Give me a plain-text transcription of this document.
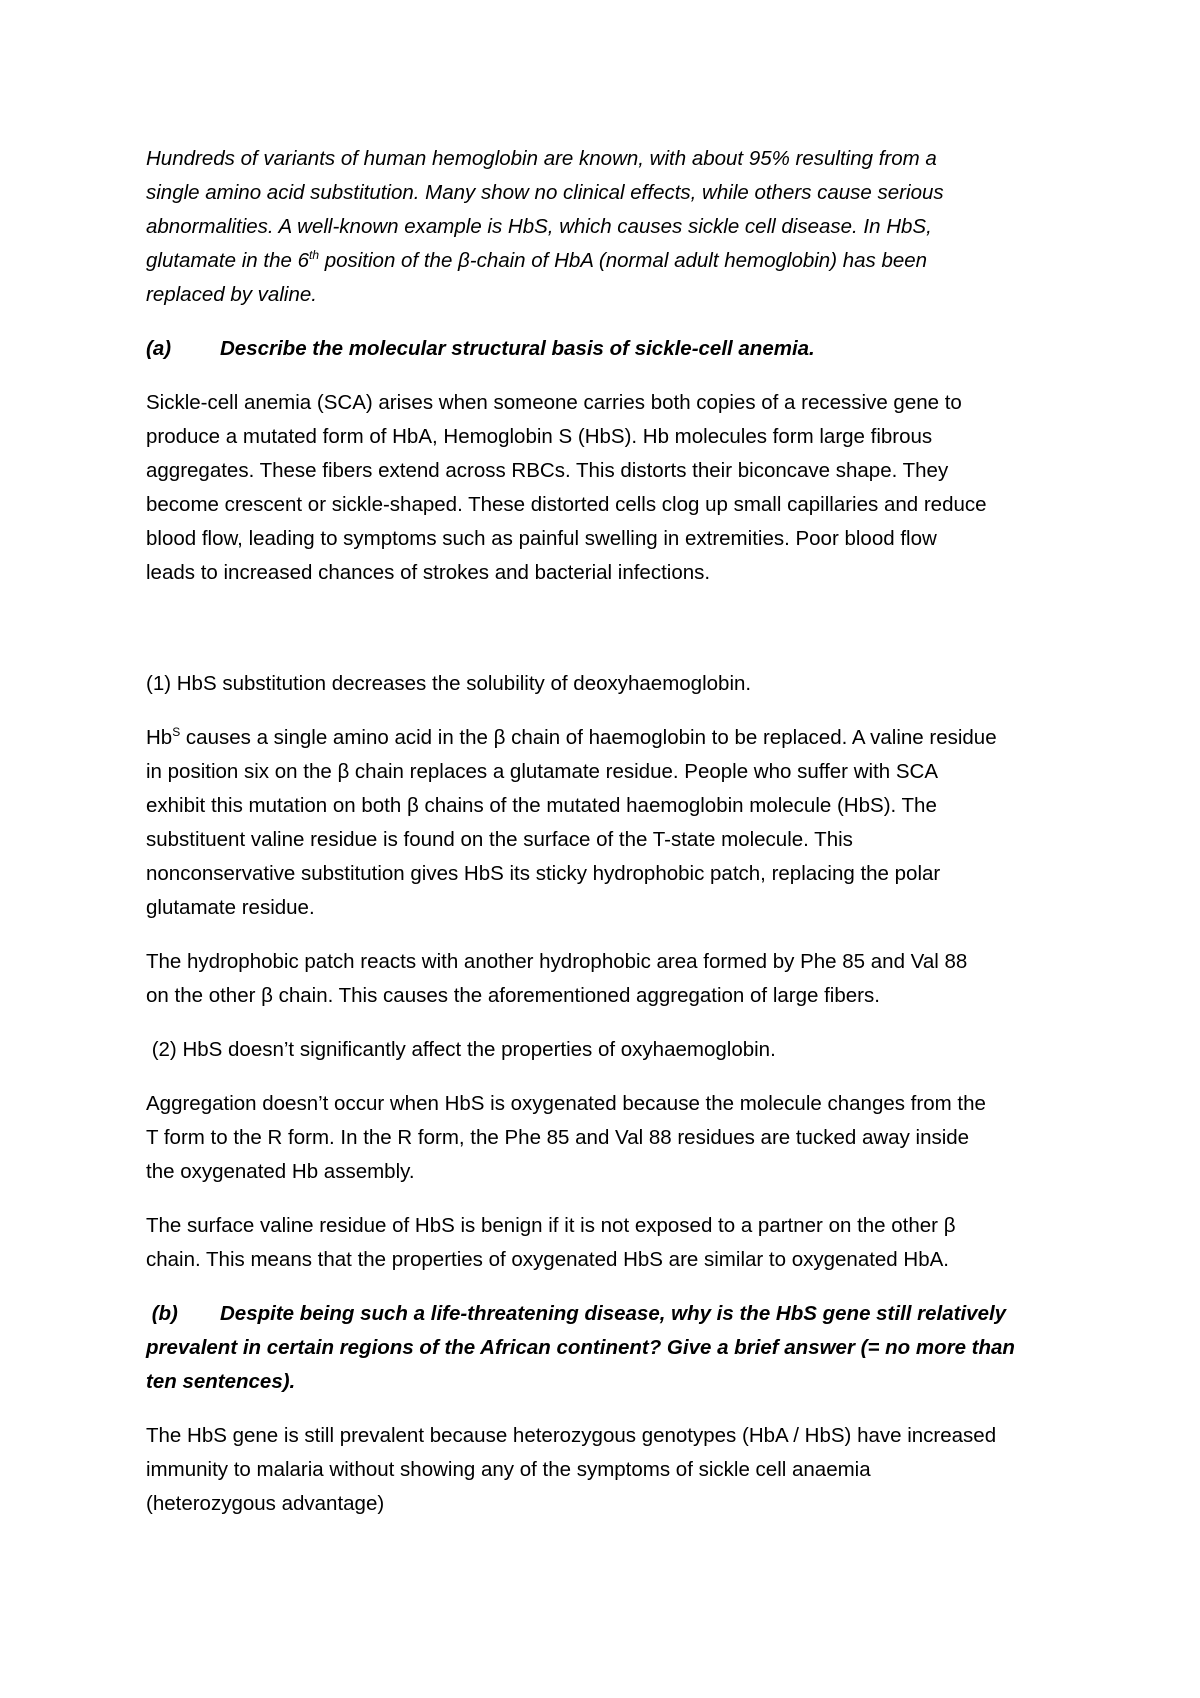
Hundreds of variants of human hemoglobin are known, with about 95% resulting from a
single amino acid substitution. Many show no clinical effects, while others cause serious
abnormalities. A well-known example is HbS, which causes sickle cell disease. In HbS,
glutamate in the 6th position of the β-chain of HbA (normal adult hemoglobin) has been
replaced by valine.

(a) Describe the molecular structural basis of sickle-cell anemia.

Sickle-cell anemia (SCA) arises when someone carries both copies of a recessive gene to
produce a mutated form of HbA, Hemoglobin S (HbS). Hb molecules form large fibrous
aggregates. These fibers extend across RBCs. This distorts their biconcave shape. They
become crescent or sickle-shaped. These distorted cells clog up small capillaries and reduce
blood flow, leading to symptoms such as painful swelling in extremities. Poor blood flow
leads to increased chances of strokes and bacterial infections.

(1) HbS substitution decreases the solubility of deoxyhaemoglobin.

$Hb^S$ causes a single amino acid in the β chain of haemoglobin to be replaced. A valine residue
in position six on the β chain replaces a glutamate residue. People who suffer with SCA
exhibit this mutation on both β chains of the mutated haemoglobin molecule (HbS). The
substituent valine residue is found on the surface of the T-state molecule. This
nonconservative substitution gives HbS its sticky hydrophobic patch, replacing the polar
glutamate residue.

The hydrophobic patch reacts with another hydrophobic area formed by Phe 85 and Val 88
on the other β chain. This causes the aforementioned aggregation of large fibers.

(2) HbS doesn’t significantly affect the properties of oxyhaemoglobin.

Aggregation doesn’t occur when HbS is oxygenated because the molecule changes from the
T form to the R form. In the R form, the Phe 85 and Val 88 residues are tucked away inside
the oxygenated Hb assembly.

The surface valine residue of HbS is benign if it is not exposed to a partner on the other β
chain. This means that the properties of oxygenated HbS are similar to oxygenated HbA.

(b) Despite being such a life-threatening disease, why is the HbS gene still relatively
prevalent in certain regions of the African continent? Give a brief answer (= no more than
ten sentences).

The HbS gene is still prevalent because heterozygous genotypes (HbA / HbS) have increased
immunity to malaria without showing any of the symptoms of sickle cell anaemia
(heterozygous advantage)
